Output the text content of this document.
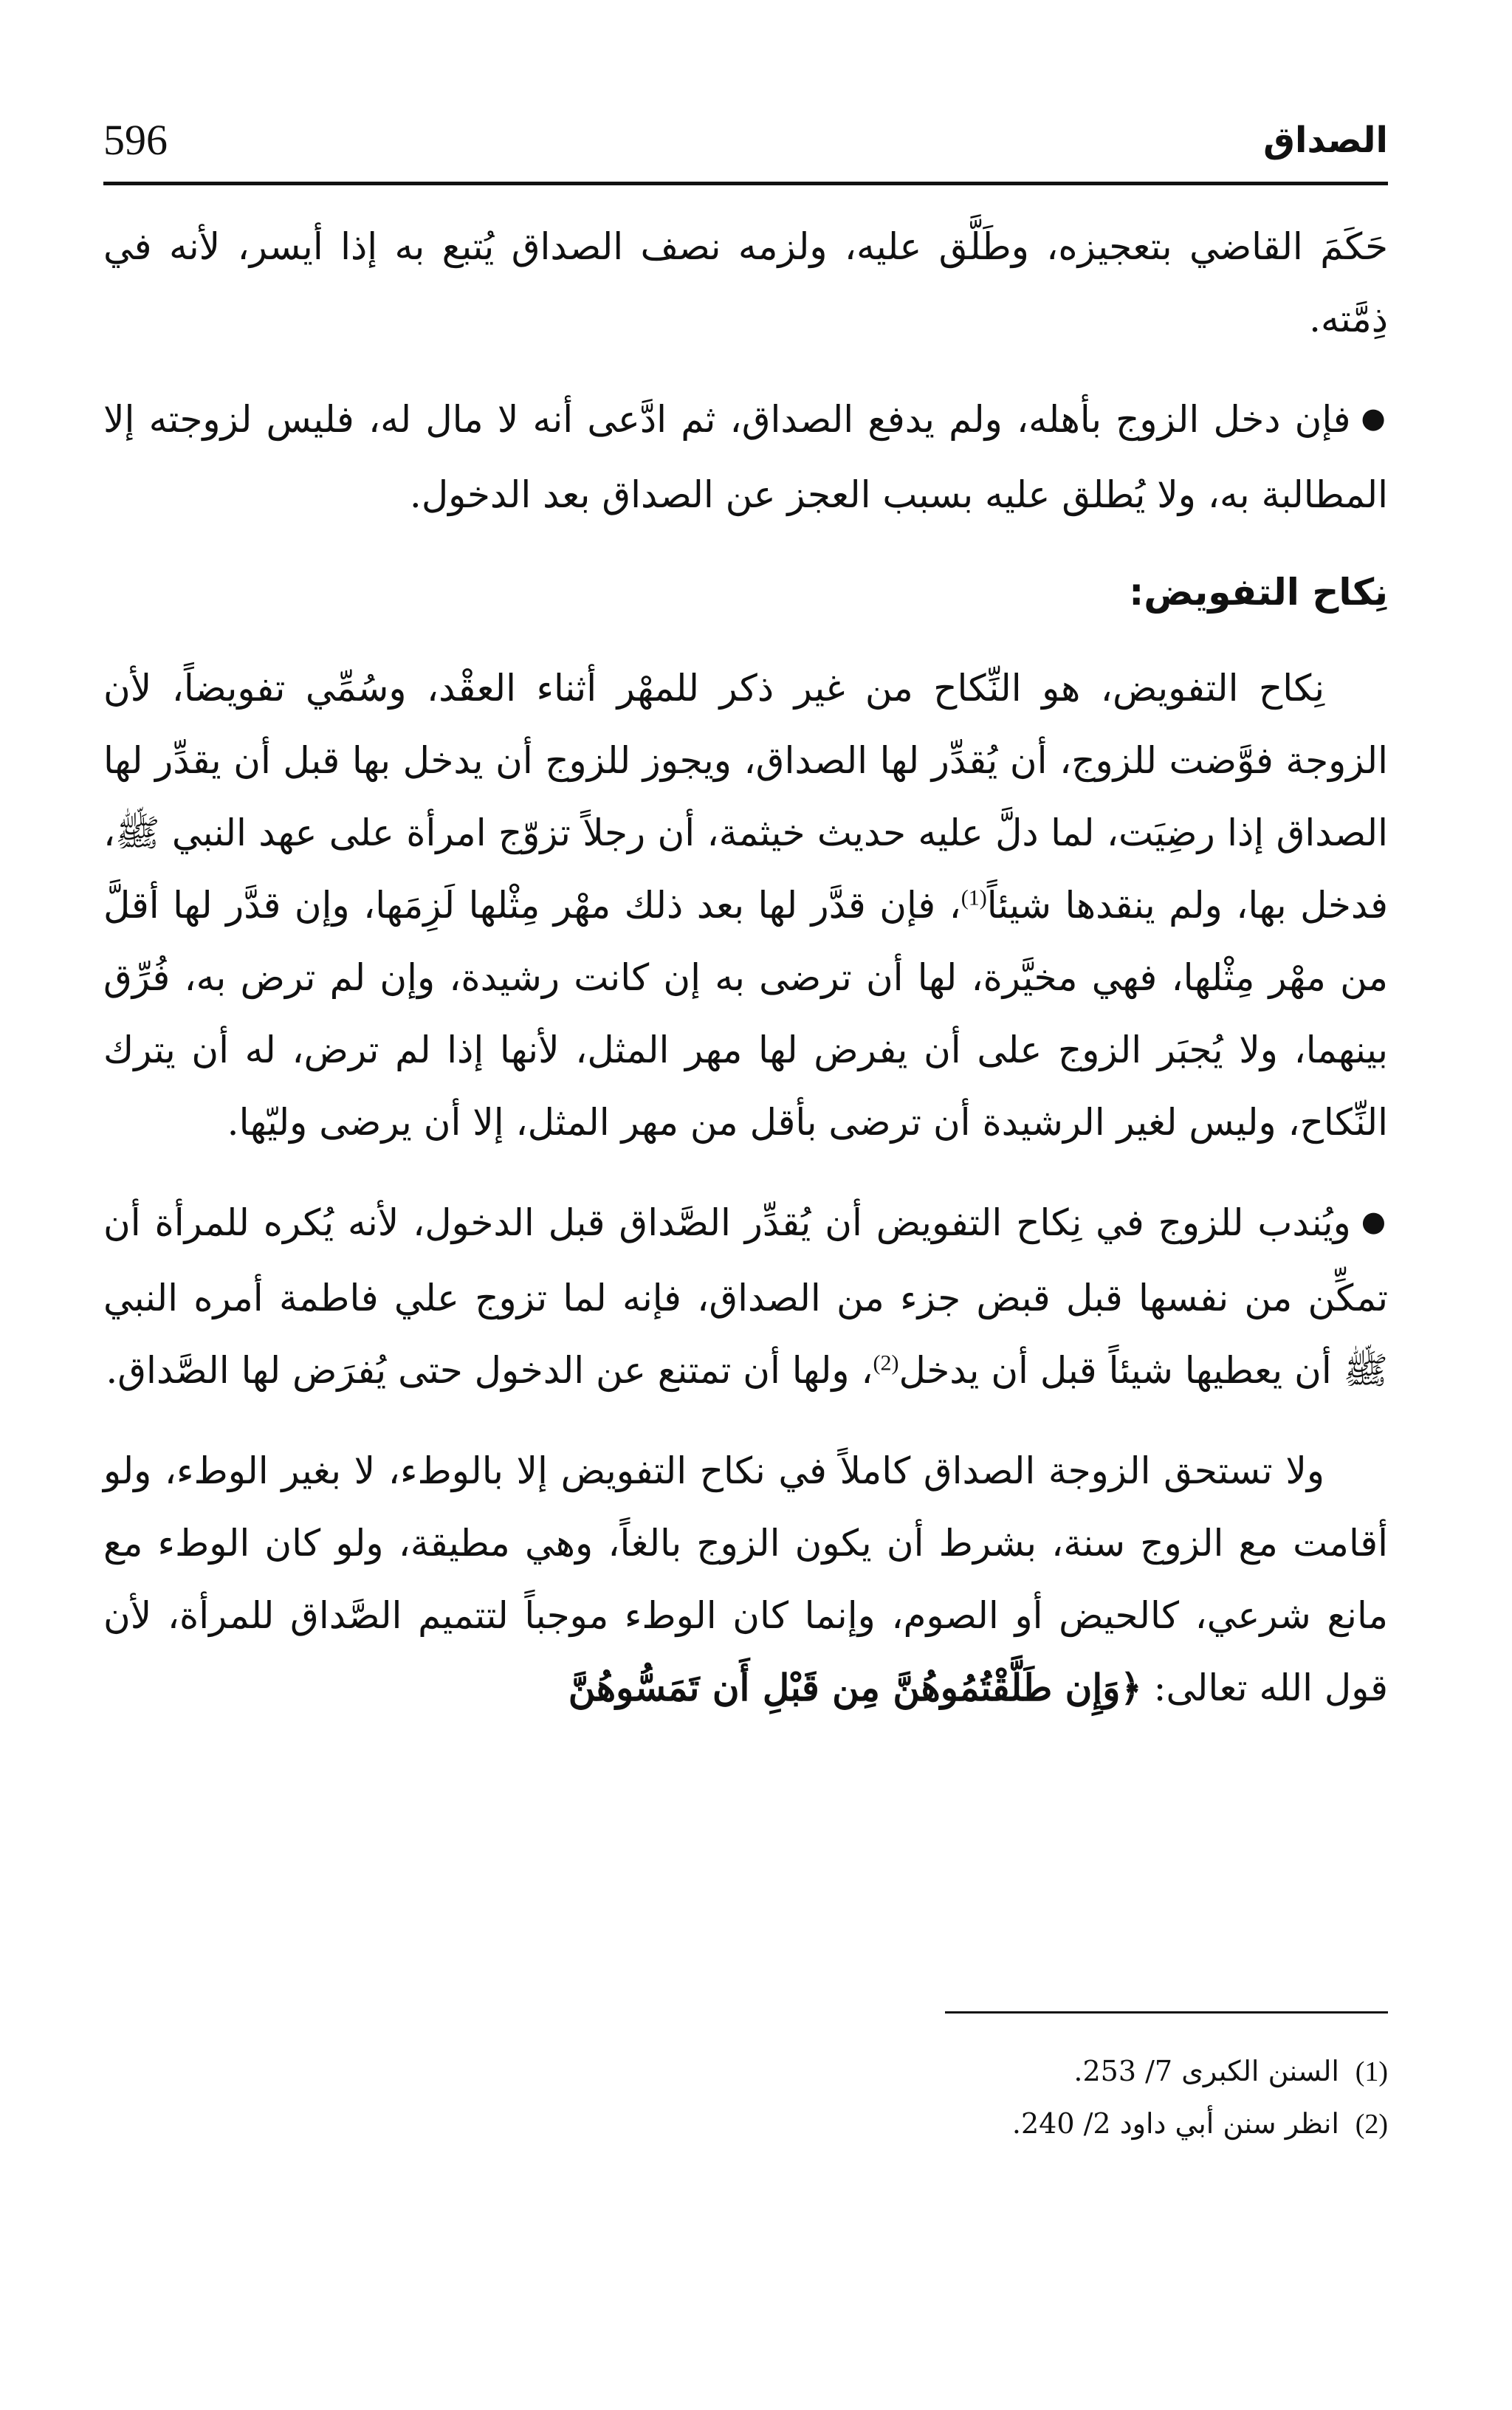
596	الصداق

حَكَمَ القاضي بتعجيزه، وطَلَّق عليه، ولزمه نصف الصداق يُتبع به إذا أيسر، لأنه في ذِمَّته.

●فإن دخل الزوج بأهله، ولم يدفع الصداق، ثم ادَّعى أنه لا مال له، فليس لزوجته إلا المطالبة به، ولا يُطلق عليه بسبب العجز عن الصداق بعد الدخول.

نِكاح التفويض:

نِكاح التفويض، هو النِّكاح من غير ذكر للمهْر أثناء العقْد، وسُمِّي تفويضاً، لأن الزوجة فوَّضت للزوج، أن يُقدِّر لها الصداق، ويجوز للزوج أن يدخل بها قبل أن يقدِّر لها الصداق إذا رضِيَت، لما دلَّ عليه حديث خيثمة، أن رجلاً تزوّج امرأة على عهد النبي ﷺ، فدخل بها، ولم ينقدها شيئاً$^{(1)}$، فإن قدَّر لها بعد ذلك مهْر مِثْلها لَزِمَها، وإن قدَّر لها أقلَّ من مهْر مِثْلها، فهي مخيَّرة، لها أن ترضى به إن كانت رشيدة، وإن لم ترض به، فُرِّق بينهما، ولا يُجبَر الزوج على أن يفرض لها مهر المثل، لأنها إذا لم ترض، له أن يترك النِّكاح، وليس لغير الرشيدة أن ترضى بأقل من مهر المثل، إلا أن يرضى وليّها.

●ويُندب للزوج في نِكاح التفويض أن يُقدِّر الصَّداق قبل الدخول، لأنه يُكره للمرأة أن تمكِّن من نفسها قبل قبض جزء من الصداق، فإنه لما تزوج علي فاطمة أمره النبي ﷺ أن يعطيها شيئاً قبل أن يدخل$^{(2)}$، ولها أن تمتنع عن الدخول حتى يُفرَض لها الصَّداق.

ولا تستحق الزوجة الصداق كاملاً في نكاح التفويض إلا بالوطء، لا بغير الوطء، ولو أقامت مع الزوج سنة، بشرط أن يكون الزوج بالغاً، وهي مطيقة، ولو كان الوطء مع مانع شرعي، كالحيض أو الصوم، وإنما كان الوطء موجباً لتتميم الصَّداق للمرأة، لأن قول الله تعالى: ﴿وَإِن طَلَّقْتُمُوهُنَّ مِن قَبْلِ أَن تَمَسُّوهُنَّ

(1)السنن الكبرى 7/ 253.
(2)انظر سنن أبي داود 2/ 240.
